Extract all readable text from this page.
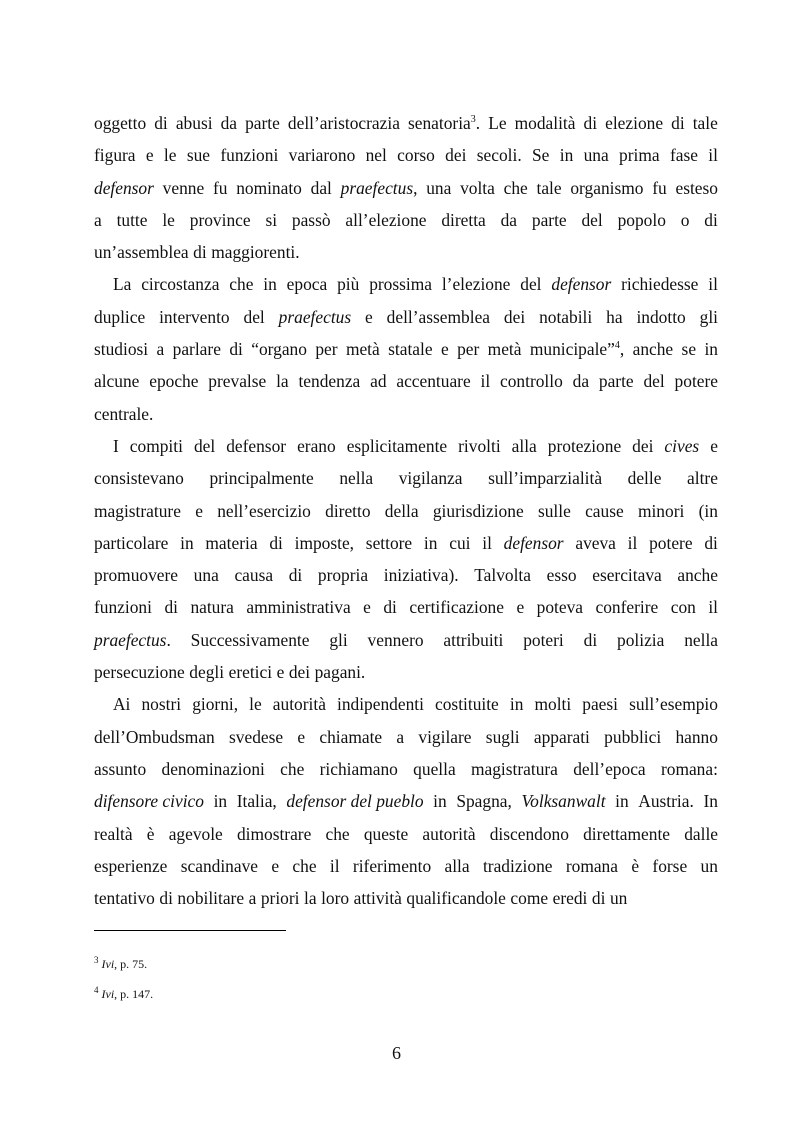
oggetto di abusi da parte dell’aristocrazia senatoria$^3$. Le modalità di elezione di tale
figura e le sue funzioni variarono nel corso dei secoli. Se in una prima fase il
defensor venne fu nominato dal praefectus, una volta che tale organismo fu esteso
a tutte le province si passò all’elezione diretta da parte del popolo o di
un’assemblea di maggiorenti.
La circostanza che in epoca più prossima l’elezione del defensor richiedesse il
duplice intervento del praefectus e dell’assemblea dei notabili ha indotto gli
studiosi a parlare di “organo per metà statale e per metà municipale”$^4$, anche se in
alcune epoche prevalse la tendenza ad accentuare il controllo da parte del potere
centrale.
I compiti del defensor erano esplicitamente rivolti alla protezione dei cives e
consistevano principalmente nella vigilanza sull’imparzialità delle altre
magistrature e nell’esercizio diretto della giurisdizione sulle cause minori (in
particolare in materia di imposte, settore in cui il defensor aveva il potere di
promuovere una causa di propria iniziativa). Talvolta esso esercitava anche
funzioni di natura amministrativa e di certificazione e poteva conferire con il
praefectus. Successivamente gli vennero attribuiti poteri di polizia nella
persecuzione degli eretici e dei pagani.
Ai nostri giorni, le autorità indipendenti costituite in molti paesi sull’esempio
dell’Ombudsman svedese e chiamate a vigilare sugli apparati pubblici hanno
assunto denominazioni che richiamano quella magistratura dell’epoca romana:
difensore civico in Italia, defensor del pueblo in Spagna, Volksanwalt in Austria. In
realtà è agevole dimostrare che queste autorità discendono direttamente dalle
esperienze scandinave e che il riferimento alla tradizione romana è forse un
tentativo di nobilitare a priori la loro attività qualificandole come eredi di un
$^3$ Ivi, p. 75.
$^4$ Ivi, p. 147.
6
